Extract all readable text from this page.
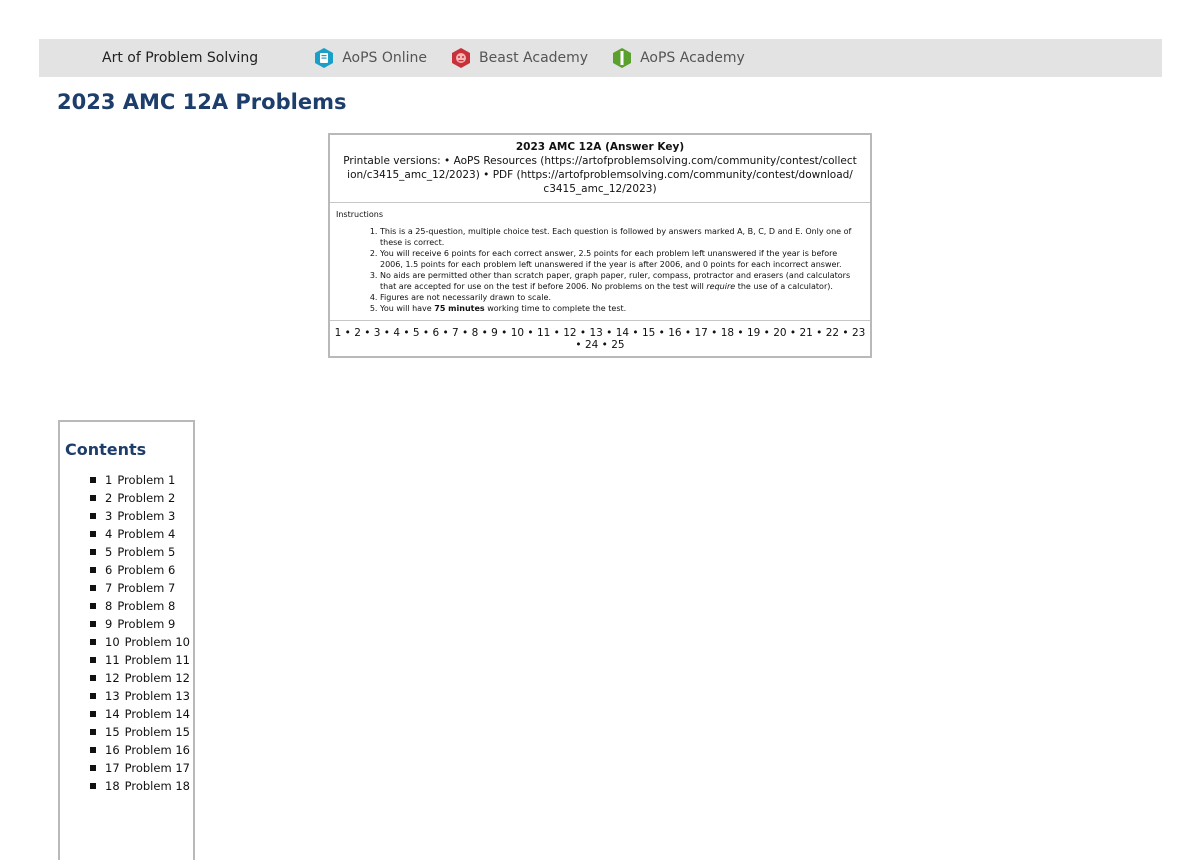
Art of Problem Solving	AoPS Online	Beast Academy	AoPS Academy
2023 AMC 12A Problems
2023 AMC 12A (Answer Key)
Printable versions: • AoPS Resources (https://artofproblemsolving.com/community/contest/collect
ion/c3415_amc_12/2023) • PDF (https://artofproblemsolving.com/community/contest/download/
c3415_amc_12/2023)
Instructions
1. This is a 25-question, multiple choice test. Each question is followed by answers marked A, B, C, D and E. Only one of these is correct.
2. You will receive 6 points for each correct answer, 2.5 points for each problem left unanswered if the year is before 2006, 1.5 points for each problem left unanswered if the year is after 2006, and 0 points for each incorrect answer.
3. No aids are permitted other than scratch paper, graph paper, ruler, compass, protractor and erasers (and calculators that are accepted for use on the test if before 2006. No problems on the test will require the use of a calculator).
4. Figures are not necessarily drawn to scale.
5. You will have 75 minutes working time to complete the test.
1 • 2 • 3 • 4 • 5 • 6 • 7 • 8 • 9 • 10 • 11 • 12 • 13 • 14 • 15 • 16 • 17 • 18 • 19 • 20 • 21 • 22 • 23 • 24 • 25
Contents
1 Problem 1
2 Problem 2
3 Problem 3
4 Problem 4
5 Problem 5
6 Problem 6
7 Problem 7
8 Problem 8
9 Problem 9
10 Problem 10
11 Problem 11
12 Problem 12
13 Problem 13
14 Problem 14
15 Problem 15
16 Problem 16
17 Problem 17
18 Problem 18
